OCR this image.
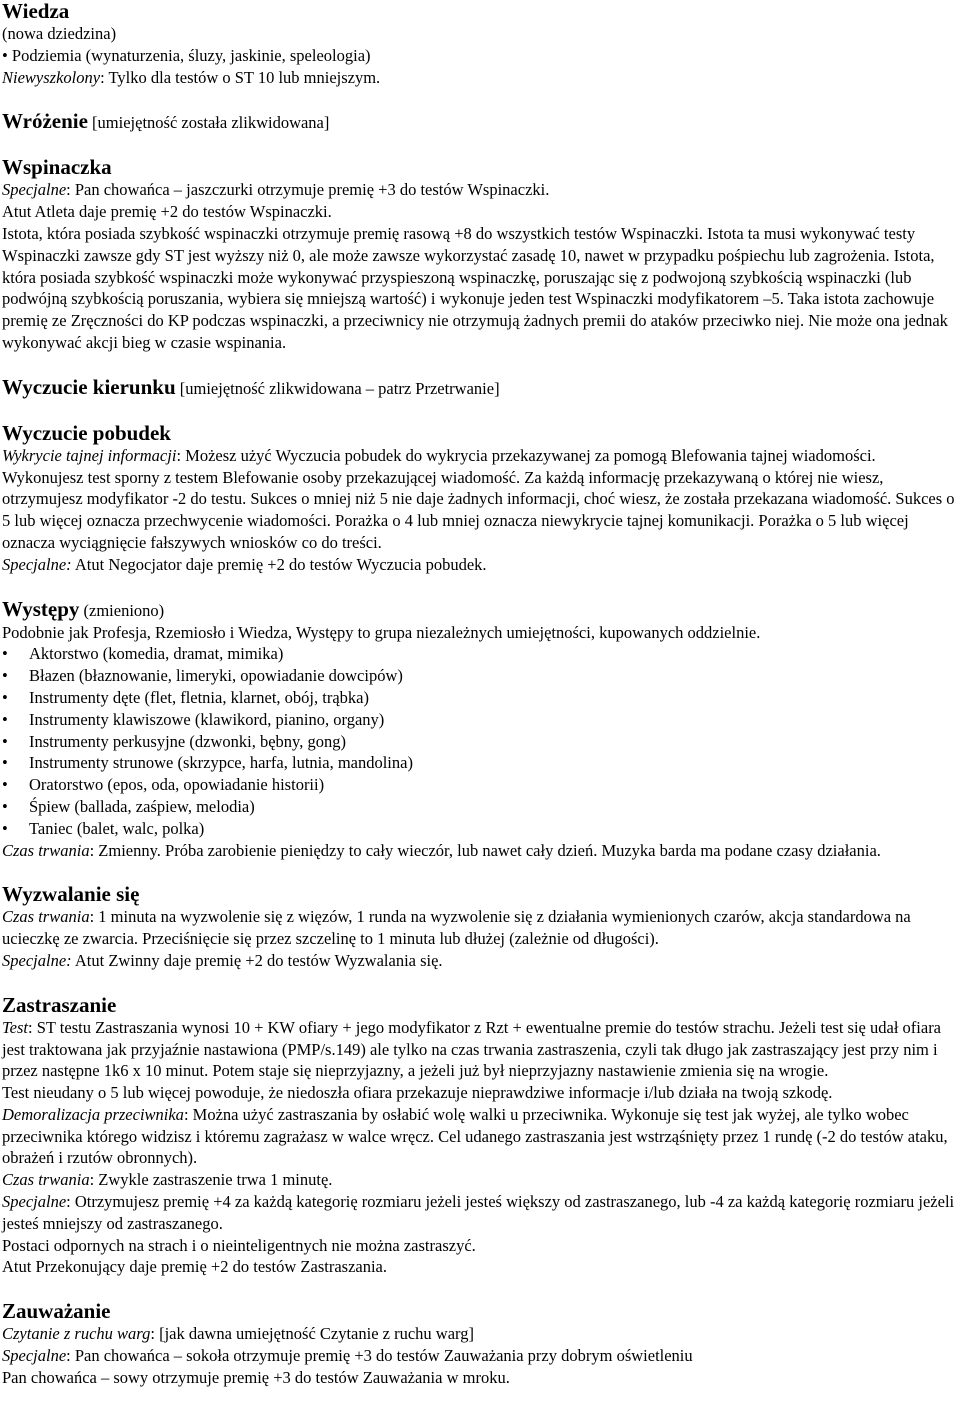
Wiedza

(nowa dziedzina)

• Podziemia (wynaturzenia, śluzy, jaskinie, speleologia)

Niewyszkolony: Tylko dla testów o ST 10 lub mniejszym.

Wróżenie [umiejętność została zlikwidowana]

Wspinaczka

Specjalne: Pan chowańca – jaszczurki otrzymuje premię +3 do testów Wspinaczki.

Atut Atleta daje premię +2 do testów Wspinaczki.

Istota, która posiada szybkość wspinaczki otrzymuje premię rasową +8 do wszystkich testów Wspinaczki. Istota ta musi wykonywać testy Wspinaczki zawsze gdy ST jest wyższy niż 0, ale może zawsze wykorzystać zasadę 10, nawet w przypadku pośpiechu lub zagrożenia. Istota, która posiada szybkość wspinaczki może wykonywać przyspieszoną wspinaczkę, poruszając się z podwojoną szybkością wspinaczki (lub podwójną szybkością poruszania, wybiera się mniejszą wartość) i wykonuje jeden test Wspinaczki modyfikatorem –5. Taka istota zachowuje premię ze Zręczności do KP podczas wspinaczki, a przeciwnicy nie otrzymują żadnych premii do ataków przeciwko niej. Nie może ona jednak wykonywać akcji bieg w czasie wspinania.

Wyczucie kierunku [umiejętność zlikwidowana – patrz Przetrwanie]

Wyczucie pobudek

Wykrycie tajnej informacji: Możesz użyć Wyczucia pobudek do wykrycia przekazywanej za pomogą Blefowania tajnej wiadomości. Wykonujesz test sporny z testem Blefowanie osoby przekazującej wiadomość. Za każdą informację przekazywaną o której nie wiesz, otrzymujesz modyfikator -2 do testu. Sukces o mniej niż 5 nie daje żadnych informacji, choć wiesz, że została przekazana wiadomość. Sukces o 5 lub więcej oznacza przechwycenie wiadomości. Porażka o 4 lub mniej oznacza niewykrycie tajnej komunikacji. Porażka o 5 lub więcej oznacza wyciągnięcie fałszywych wniosków co do treści.

Specjalne: Atut Negocjator daje premię +2 do testów Wyczucia pobudek.

Występy (zmieniono)

Podobnie jak Profesja, Rzemiosło i Wiedza, Występy to grupa niezależnych umiejętności, kupowanych oddzielnie.

• Aktorstwo (komedia, dramat, mimika)
• Błazen (błaznowanie, limeryki, opowiadanie dowcipów)
• Instrumenty dęte (flet, fletnia, klarnet, obój, trąbka)
• Instrumenty klawiszowe (klawikord, pianino, organy)
• Instrumenty perkusyjne (dzwonki, bębny, gong)
• Instrumenty strunowe (skrzypce, harfa, lutnia, mandolina)
• Oratorstwo (epos, oda, opowiadanie historii)
• Śpiew (ballada, zaśpiew, melodia)
• Taniec (balet, walc, polka)

Czas trwania: Zmienny. Próba zarobienie pieniędzy to cały wieczór, lub nawet cały dzień. Muzyka barda ma podane czasy działania.

Wyzwalanie się

Czas trwania: 1 minuta na wyzwolenie się z więzów, 1 runda na wyzwolenie się z działania wymienionych czarów, akcja standardowa na ucieczkę ze zwarcia. Przeciśnięcie się przez szczelinę to 1 minuta lub dłużej (zależnie od długości).

Specjalne: Atut Zwinny daje premię +2 do testów Wyzwalania się.

Zastraszanie

Test: ST testu Zastraszania wynosi 10 + KW ofiary + jego modyfikator z Rzt + ewentualne premie do testów strachu. Jeżeli test się udał ofiara jest traktowana jak przyjaźnie nastawiona (PMP/s.149) ale tylko na czas trwania zastraszenia, czyli tak długo jak zastraszający jest przy nim i przez następne 1k6 x 10 minut. Potem staje się nieprzyjazny, a jeżeli już był nieprzyjazny nastawienie zmienia się na wrogie.

Test nieudany o 5 lub więcej powoduje, że niedoszła ofiara przekazuje nieprawdziwe informacje i/lub działa na twoją szkodę.

Demoralizacja przeciwnika: Można użyć zastraszania by osłabić wolę walki u przeciwnika. Wykonuje się test jak wyżej, ale tylko wobec przeciwnika którego widzisz i któremu zagrażasz w walce wręcz. Cel udanego zastraszania jest wstrząśnięty przez 1 rundę (-2 do testów ataku, obrażeń i rzutów obronnych).

Czas trwania: Zwykle zastraszenie trwa 1 minutę.

Specjalne: Otrzymujesz premię +4 za każdą kategorię rozmiaru jeżeli jesteś większy od zastraszanego, lub -4 za każdą kategorię rozmiaru jeżeli jesteś mniejszy od zastraszanego.

Postaci odpornych na strach i o nieinteligentnych nie można zastraszyć.

Atut Przekonujący daje premię +2 do testów Zastraszania.

Zauważanie

Czytanie z ruchu warg: [jak dawna umiejętność Czytanie z ruchu warg]

Specjalne: Pan chowańca – sokoła otrzymuje premię +3 do testów Zauważania przy dobrym oświetleniu

Pan chowańca – sowy otrzymuje premię +3 do testów Zauważania w mroku.
